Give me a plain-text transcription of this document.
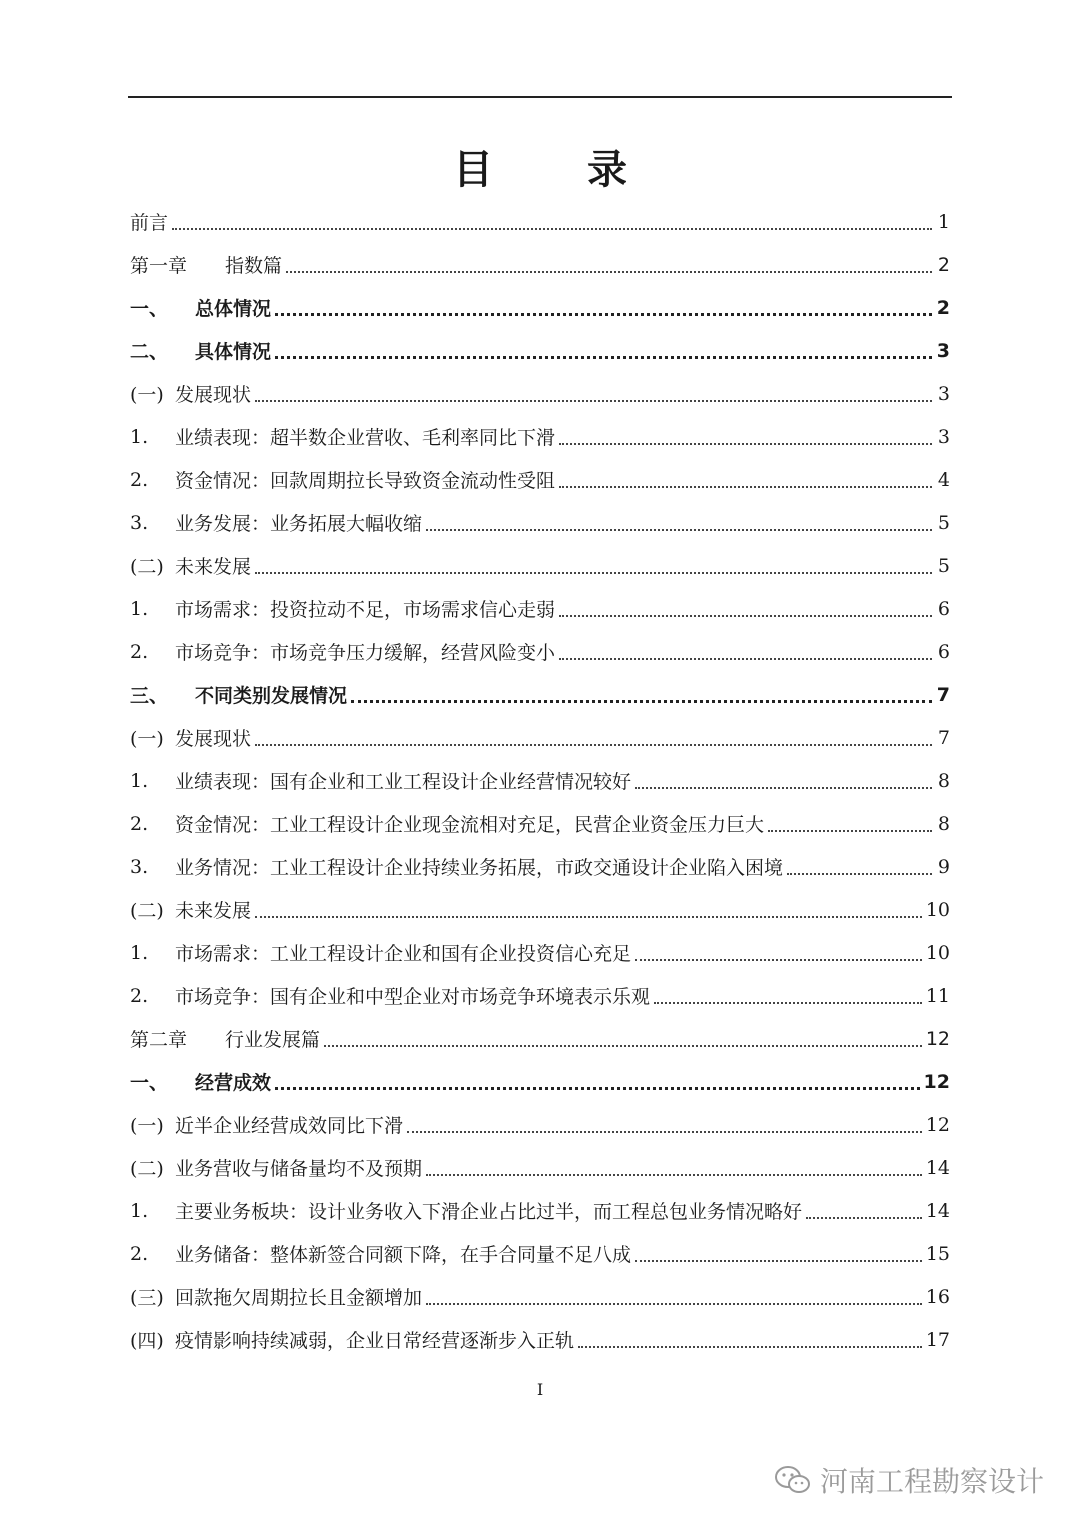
目 录
前言	1
第一章	指数篇	2
一、	总体情况	2
二、	具体情况	3
(一) 发展现状	3
1.	业绩表现：超半数企业营收、毛利率同比下滑	3
2.	资金情况：回款周期拉长导致资金流动性受阻	4
3.	业务发展：业务拓展大幅收缩	5
(二) 未来发展	5
1.	市场需求：投资拉动不足，市场需求信心走弱	6
2.	市场竞争：市场竞争压力缓解，经营风险变小	6
三、	不同类别发展情况	7
(一) 发展现状	7
1.	业绩表现：国有企业和工业工程设计企业经营情况较好	8
2.	资金情况：工业工程设计企业现金流相对充足，民营企业资金压力巨大	8
3.	业务情况：工业工程设计企业持续业务拓展，市政交通设计企业陷入困境	9
(二) 未来发展	10
1.	市场需求：工业工程设计企业和国有企业投资信心充足	10
2.	市场竞争：国有企业和中型企业对市场竞争环境表示乐观	11
第二章	行业发展篇	12
一、	经营成效	12
(一) 近半企业经营成效同比下滑	12
(二) 业务营收与储备量均不及预期	14
1.	主要业务板块：设计业务收入下滑企业占比过半，而工程总包业务情况略好	14
2.	业务储备：整体新签合同额下降，在手合同量不足八成	15
(三) 回款拖欠周期拉长且金额增加	16
(四) 疫情影响持续减弱，企业日常经营逐渐步入正轨	17
I
河南工程勘察设计
